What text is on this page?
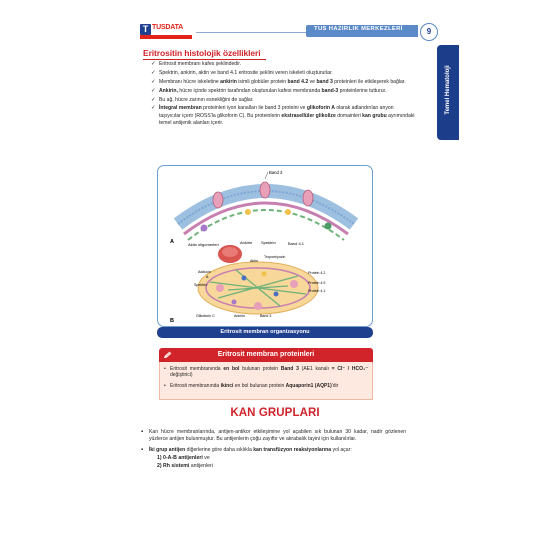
T TUSDATA	TUS HAZIRLIK MERKEZLERİ	9
Temel Hematoloji
Eritrositin histolojik özellikleri
✓ Eritrosit membranı kafes şeklindedir.
✓ Spektrin, ankirin, aktin ve band 4.1 eritrosite şeklini veren iskeleti oluştururlar.
✓ Membranı hücre iskeletine ankirin isimli globüler protein band 4.2 ve band 3 proteinleri ile etkileşerek bağlar.
✓ Ankirin, hücre içinde spektrin tarafından oluşturulan kafesi membranda band-3 proteinlerine tutturur.
✓ Bu ağ, hücre zarının esnekliğini de sağlar.
✓ İntegral membran proteinleri iyon kanalları ile band 3 proteini ve glikoforin A olarak adlandırılan anyon taşıyıcılar içerir (ROSS'la glikoforin C). Bu proteinlerin ekstrasellüler glikolize domainleri kan grubu ayrımındaki temel antijenik alanları içerir.
Band 3
Aktin oligomerleri	Ankirin Spektrin	Band 4.1
A
Aktin
Tropomiyozin
Adducin
A
Spektrin
Protein 4.2
Protein 4.9
Protein 4.1
Glikoforin C	Ankirin	Band 3
B
Eritrosit membran organizasyonu
Eritrosit membran proteinleri
• Eritrosit membranında en bol bulunan protein Band 3 (AE1 kanalı = Cl⁻ / HCO₃⁻ değiştirici)
• Eritrosit membranında ikinci en bol bulunan protein Aquaporin1 (AQP1)'dir
KAN GRUPLARI
▪ Kan hücre membranlarında, antijen-antikor etkileşimine yol açabilen sık bulunan 30 kadar, nadir gözlenen yüzlerce antijen bulunmuştur. Bu antijenlerin çoğu zayıftır ve akrabalık tayini için kullanılırlar.
▪ İki grup antijen diğerlerine göre daha sıklıkla kan transfüzyon reaksiyonlarına yol açar:
1) 0-A-B antijenleri ve
2) Rh sistemi antijenleri
